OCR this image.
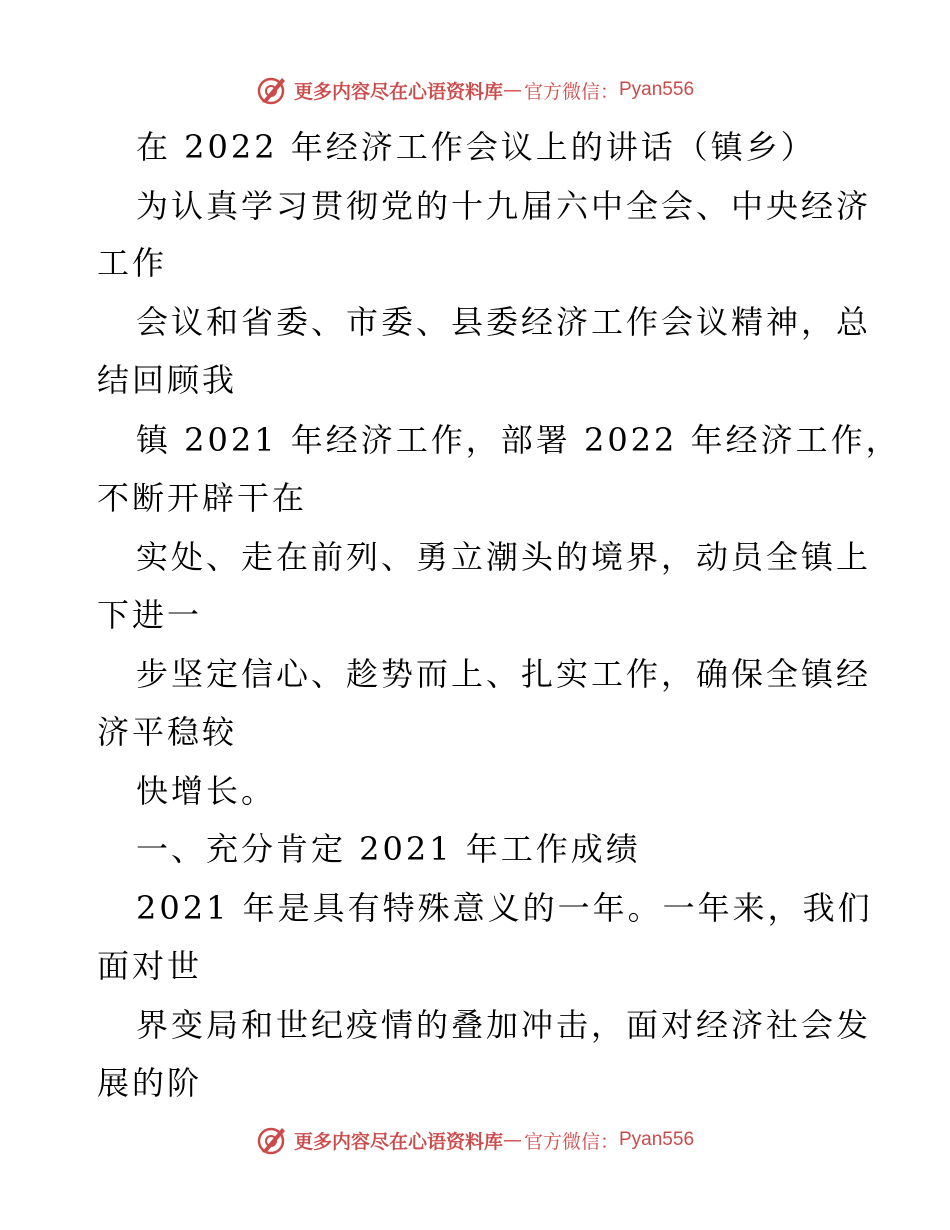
更多内容尽在心语资料库 — 官方微信： Pyan556
在 2022 年经济工作会议上的讲话（镇乡）
为认真学习贯彻党的十九届六中全会、中央经济
工作
会议和省委、市委、县委经济工作会议精神，总
结回顾我
镇 2021 年经济工作，部署 2022 年经济工作，
不断开辟干在
实处、走在前列、勇立潮头的境界，动员全镇上
下进一
步坚定信心、趁势而上、扎实工作，确保全镇经
济平稳较
快增长。
一、充分肯定 2021 年工作成绩
2021 年是具有特殊意义的一年。一年来，我们
面对世
界变局和世纪疫情的叠加冲击，面对经济社会发
展的阶
更多内容尽在心语资料库 — 官方微信： Pyan556
